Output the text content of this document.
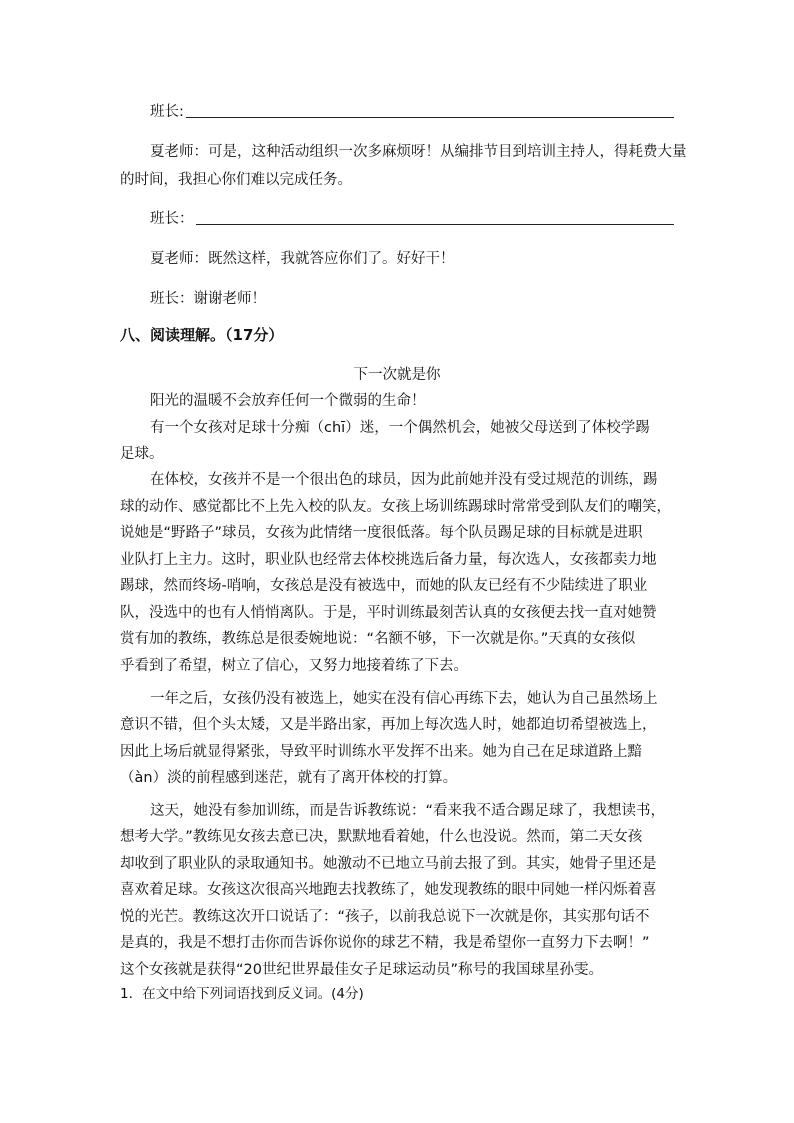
班长:
夏老师：可是，这种活动组织一次多麻烦呀！从编排节目到培训主持人，得耗费大量
的时间，我担心你们难以完成任务。
班长：
夏老师：既然这样，我就答应你们了。好好干！
班长：谢谢老师！
八、阅读理解。（17分）
下一次就是你
阳光的温暖不会放弃任何一个微弱的生命！
有一个女孩对足球十分痴（chī）迷，一个偶然机会，她被父母送到了体校学踢
足球。
在体校，女孩并不是一个很出色的球员，因为此前她并没有受过规范的训练，踢
球的动作、感觉都比不上先入校的队友。女孩上场训练踢球时常常受到队友们的嘲笑，
说她是“野路子”球员，女孩为此情绪一度很低落。每个队员踢足球的目标就是进职
业队打上主力。这时，职业队也经常去体校挑选后备力量，每次选人，女孩都卖力地
踢球，然而终场-哨响，女孩总是没有被选中，而她的队友已经有不少陆续进了职业
队，没选中的也有人悄悄离队。于是，平时训练最刻苦认真的女孩便去找一直对她赞
赏有加的教练，教练总是很委婉地说：“名额不够，下一次就是你。”天真的女孩似
乎看到了希望，树立了信心，又努力地接着练了下去。
一年之后，女孩仍没有被选上，她实在没有信心再练下去，她认为自己虽然场上
意识不错，但个头太矮，又是半路出家，再加上每次选人时，她都迫切希望被选上，
因此上场后就显得紧张，导致平时训练水平发挥不出来。她为自己在足球道路上黯
（àn）淡的前程感到迷茫，就有了离开体校的打算。
这天，她没有参加训练，而是告诉教练说：“看来我不适合踢足球了，我想读书，
想考大学。”教练见女孩去意已决，默默地看着她，什么也没说。然而，第二天女孩
却收到了职业队的录取通知书。她激动不已地立马前去报了到。其实，她骨子里还是
喜欢着足球。女孩这次很高兴地跑去找教练了，她发现教练的眼中同她一样闪烁着喜
悦的光芒。教练这次开口说话了：“孩子，以前我总说下一次就是你，其实那句话不
是真的，我是不想打击你而告诉你说你的球艺不精，我是希望你一直努力下去啊！”
这个女孩就是获得“20世纪世界最佳女子足球运动员”称号的我国球星孙雯。
1．在文中给下列词语找到反义词。(4分)
